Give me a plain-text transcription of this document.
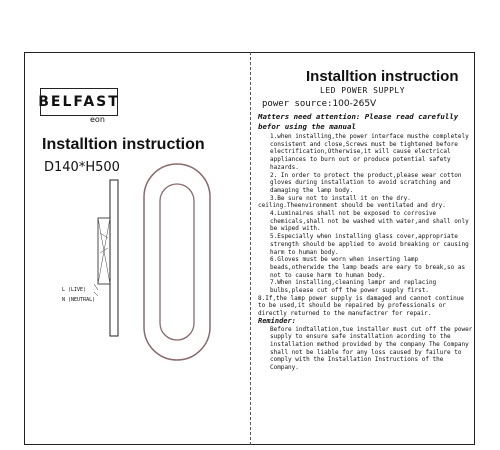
BELFAST
eon
Installtion instruction
D140*H500
L (LIVE)
N (NEUTRAL)
Installtion instruction
LED POWER SUPPLY
power source:100-265V
Matters need attention: Please read carefully befor using the manual

1.when installing,the power interface musthe completely consistent and close,Screws must be tightened before electrification,Otherwise,it will cause electrical appliances to burn out or produce potential safety hazards.

2. In order to protect the product,please wear cotton gloves during installation to avoid scratching and damaging the lamp body.

3.Be sure not to install it on the dry.

ceiling.Theenvironment should be ventilated and dry.

4.Luminaires shall not be exposed to corrosive chemicals,shall not be washed with water,and shall only be wiped with.

5.Especially when installing glass cover,appropriate strength should be applied to avoid breaking or causing harm to human body.

6.Gloves must be worn when inserting lamp beads,otherwide the lamp beads are eary to break,so as not to cause harm to human body.

7.When installing,cleaning lampr and replacing bulbs,please cut off the power supply first.

8.If,the lamp power supply is damaged and cannot continue to be used,it should be repaired by professionals or directly returned to the manufactrer for repair.

Reminder:

Before indtallation,tue installer must cut off the power supply to ensure safe installation acording to the installation method provided by the company The Company shall not be liable for any loss caused by failure to comply with the Installation Instructions of the Company.
